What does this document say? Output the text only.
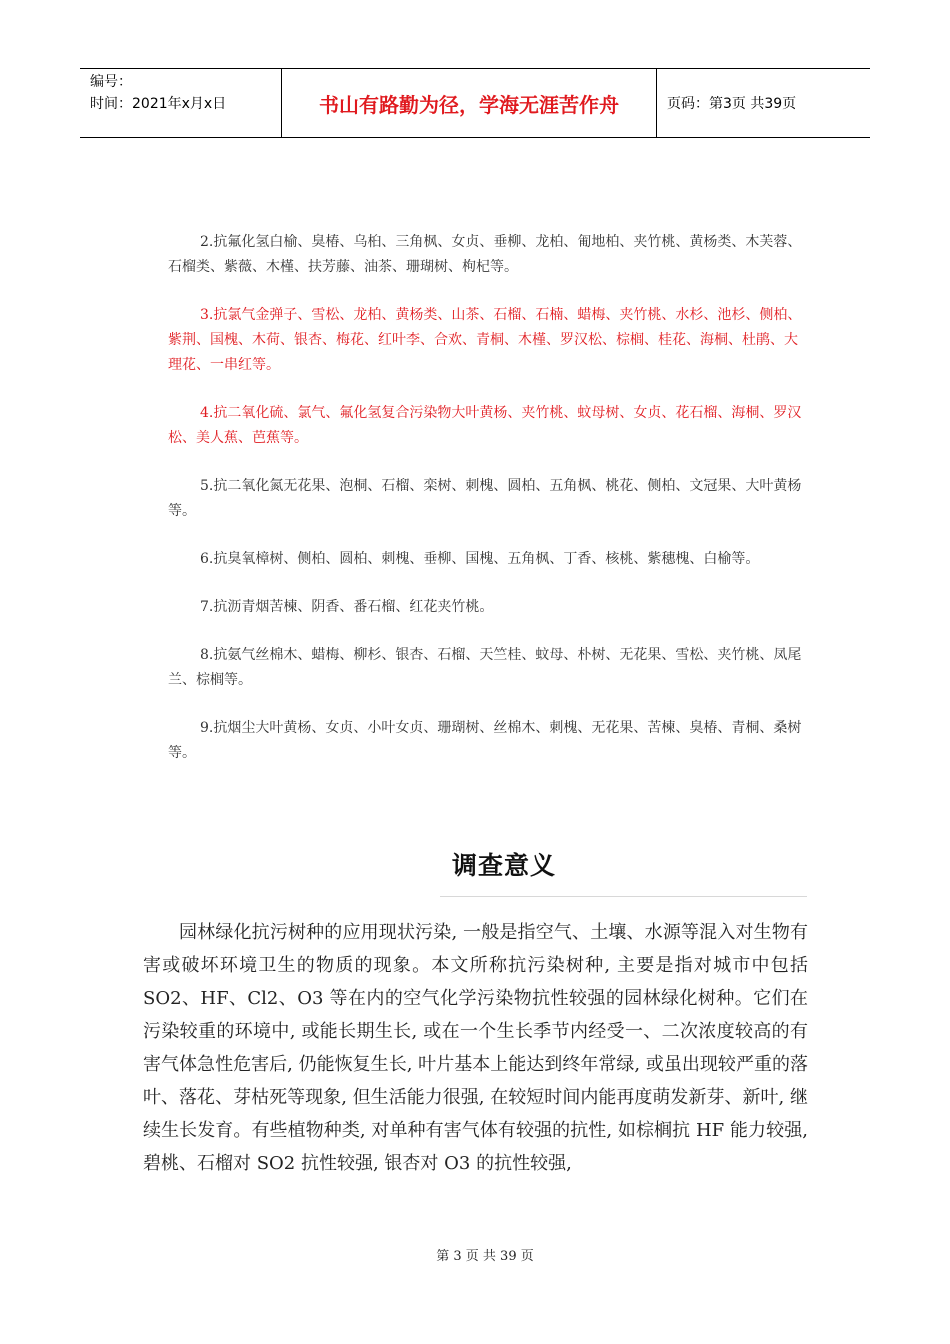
编号：
时间：2021年x月x日	书山有路勤为径，学海无涯苦作舟	页码：第3页 共39页

2.抗氟化氢白榆、臭椿、乌桕、三角枫、女贞、垂柳、龙柏、匍地柏、夹竹桃、黄杨类、木芙蓉、石榴类、紫薇、木槿、扶芳藤、油茶、珊瑚树、枸杞等。

3.抗氯气金弹子、雪松、龙柏、黄杨类、山茶、石榴、石楠、蜡梅、夹竹桃、水杉、池杉、侧柏、紫荆、国槐、木荷、银杏、梅花、红叶李、合欢、青桐、木槿、罗汉松、棕榈、桂花、海桐、杜鹃、大理花、一串红等。

4.抗二氧化硫、氯气、氟化氢复合污染物大叶黄杨、夹竹桃、蚊母树、女贞、花石榴、海桐、罗汉松、美人蕉、芭蕉等。

5.抗二氧化氮无花果、泡桐、石榴、栾树、刺槐、圆柏、五角枫、桃花、侧柏、文冠果、大叶黄杨等。

6.抗臭氧樟树、侧柏、圆柏、刺槐、垂柳、国槐、五角枫、丁香、核桃、紫穗槐、白榆等。

7.抗沥青烟苦楝、阴香、番石榴、红花夹竹桃。

8.抗氨气丝棉木、蜡梅、柳杉、银杏、石榴、天竺桂、蚊母、朴树、无花果、雪松、夹竹桃、凤尾兰、棕榈等。

9.抗烟尘大叶黄杨、女贞、小叶女贞、珊瑚树、丝棉木、刺槐、无花果、苦楝、臭椿、青桐、桑树等。

调查意义

园林绿化抗污树种的应用现状污染, 一般是指空气、土壤、水源等混入对生物有害或破坏环境卫生的物质的现象。本文所称抗污染树种, 主要是指对城市中包括 SO2、HF、Cl2、O3 等在内的空气化学污染物抗性较强的园林绿化树种。它们在污染较重的环境中, 或能长期生长, 或在一个生长季节内经受一、二次浓度较高的有害气体急性危害后, 仍能恢复生长, 叶片基本上能达到终年常绿, 或虽出现较严重的落叶、落花、芽枯死等现象, 但生活能力很强, 在较短时间内能再度萌发新芽、新叶, 继续生长发育。有些植物种类, 对单种有害气体有较强的抗性, 如棕榈抗 HF 能力较强, 碧桃、石榴对 SO2 抗性较强, 银杏对 O3 的抗性较强,

第 3 页 共 39 页
